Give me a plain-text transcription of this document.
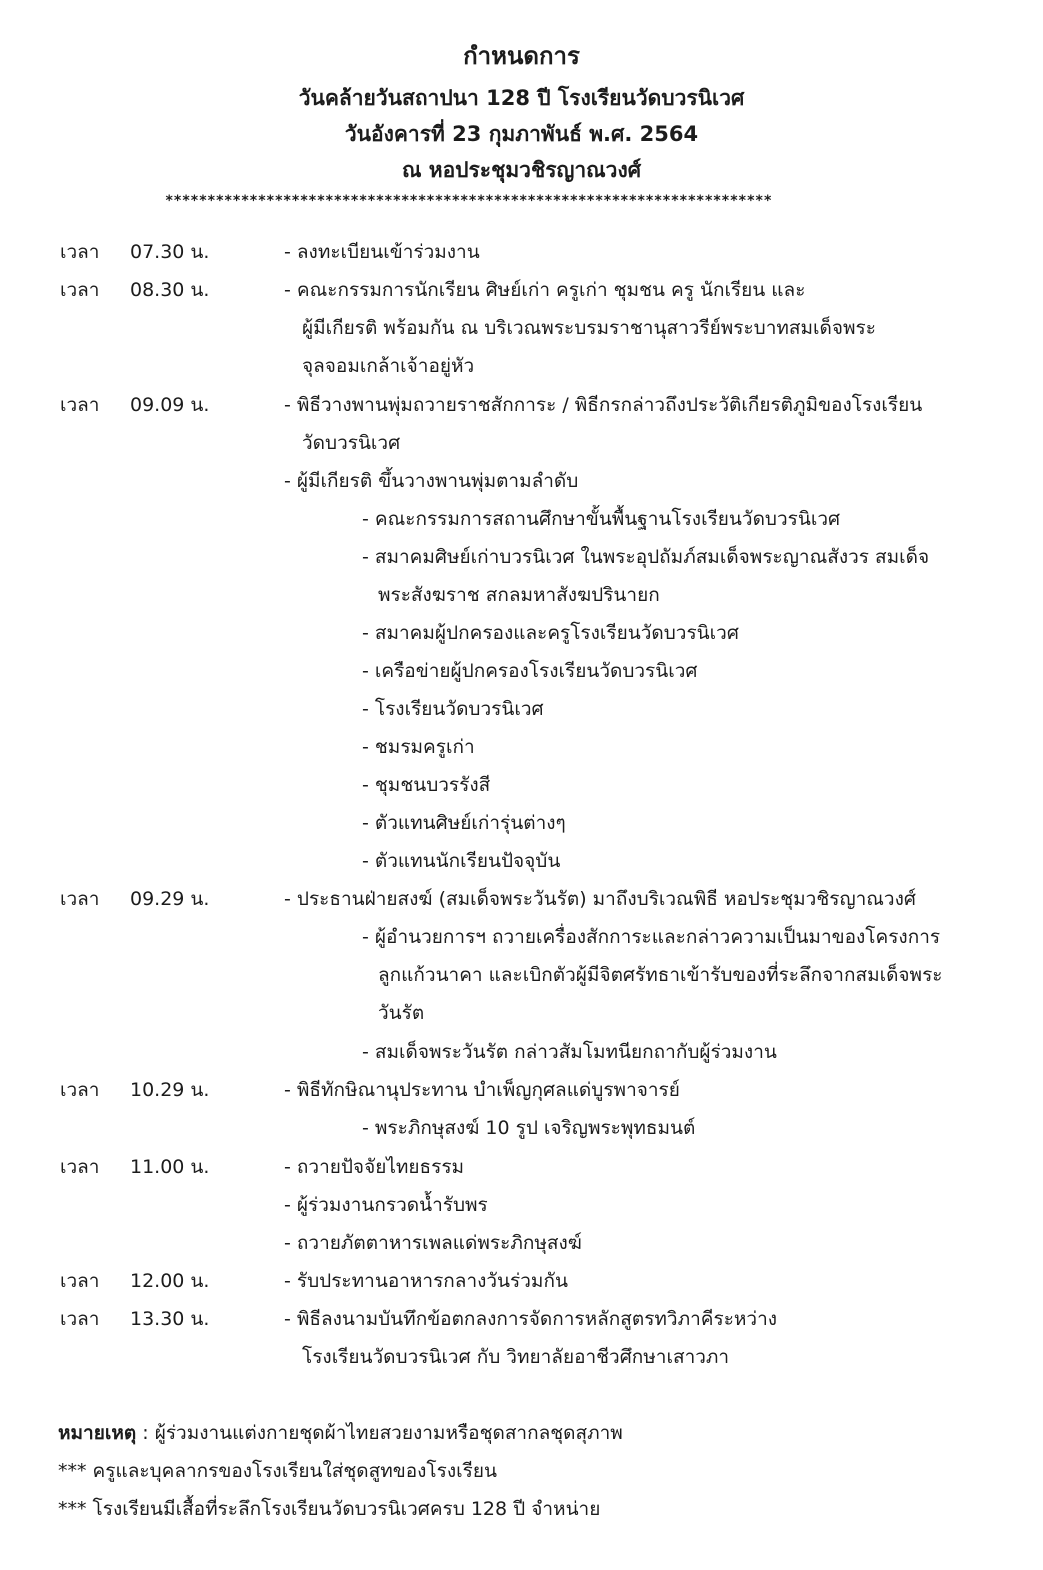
กำหนดการ
วันคล้ายวันสถาปนา 128 ปี โรงเรียนวัดบวรนิเวศ
วันอังคารที่ 23 กุมภาพันธ์ พ.ศ. 2564
ณ หอประชุมวชิรญาณวงศ์
************************************************************************
เวลา 07.30 น.
เวลา 08.30 น.
เวลา 09.09 น.
เวลา 09.29 น.
เวลา 10.29 น.
เวลา 11.00 น.
เวลา 12.00 น.
เวลา 13.30 น.
- ลงทะเบียนเข้าร่วมงาน
- คณะกรรมการนักเรียน ศิษย์เก่า ครูเก่า ชุมชน ครู นักเรียน และ
ผู้มีเกียรติ พร้อมกัน ณ บริเวณพระบรมราชานุสาวรีย์พระบาทสมเด็จพระ
จุลจอมเกล้าเจ้าอยู่หัว
- พิธีวางพานพุ่มถวายราชสักการะ / พิธีกรกล่าวถึงประวัติเกียรติภูมิของโรงเรียน
วัดบวรนิเวศ
- ผู้มีเกียรติ ขึ้นวางพานพุ่มตามลำดับ
- คณะกรรมการสถานศึกษาขั้นพื้นฐานโรงเรียนวัดบวรนิเวศ
- สมาคมศิษย์เก่าบวรนิเวศ ในพระอุปถัมภ์สมเด็จพระญาณสังวร สมเด็จ
พระสังฆราช สกลมหาสังฆปรินายก
- สมาคมผู้ปกครองและครูโรงเรียนวัดบวรนิเวศ
- เครือข่ายผู้ปกครองโรงเรียนวัดบวรนิเวศ
- โรงเรียนวัดบวรนิเวศ
- ชมรมครูเก่า
- ชุมชนบวรรังสี
- ตัวแทนศิษย์เก่ารุ่นต่างๆ
- ตัวแทนนักเรียนปัจจุบัน
- ประธานฝ่ายสงฆ์ (สมเด็จพระวันรัต) มาถึงบริเวณพิธี หอประชุมวชิรญาณวงศ์
- ผู้อำนวยการฯ ถวายเครื่องสักการะและกล่าวความเป็นมาของโครงการ
ลูกแก้วนาคา และเบิกตัวผู้มีจิตศรัทธาเข้ารับของที่ระลึกจากสมเด็จพระ
วันรัต
- สมเด็จพระวันรัต กล่าวสัมโมทนียกถากับผู้ร่วมงาน
- พิธีทักษิณานุประทาน บำเพ็ญกุศลแด่บูรพาจารย์
- พระภิกษุสงฆ์ 10 รูป เจริญพระพุทธมนต์
- ถวายปัจจัยไทยธรรม
- ผู้ร่วมงานกรวดน้ำรับพร
- ถวายภัตตาหารเพลแด่พระภิกษุสงฆ์
- รับประทานอาหารกลางวันร่วมกัน
- พิธีลงนามบันทึกข้อตกลงการจัดการหลักสูตรทวิภาคีระหว่าง
โรงเรียนวัดบวรนิเวศ กับ วิทยาลัยอาชีวศึกษาเสาวภา
หมายเหตุ : ผู้ร่วมงานแต่งกายชุดผ้าไทยสวยงามหรือชุดสากลชุดสุภาพ
*** ครูและบุคลากรของโรงเรียนใส่ชุดสูทของโรงเรียน
*** โรงเรียนมีเสื้อที่ระลึกโรงเรียนวัดบวรนิเวศครบ 128 ปี จำหน่าย
